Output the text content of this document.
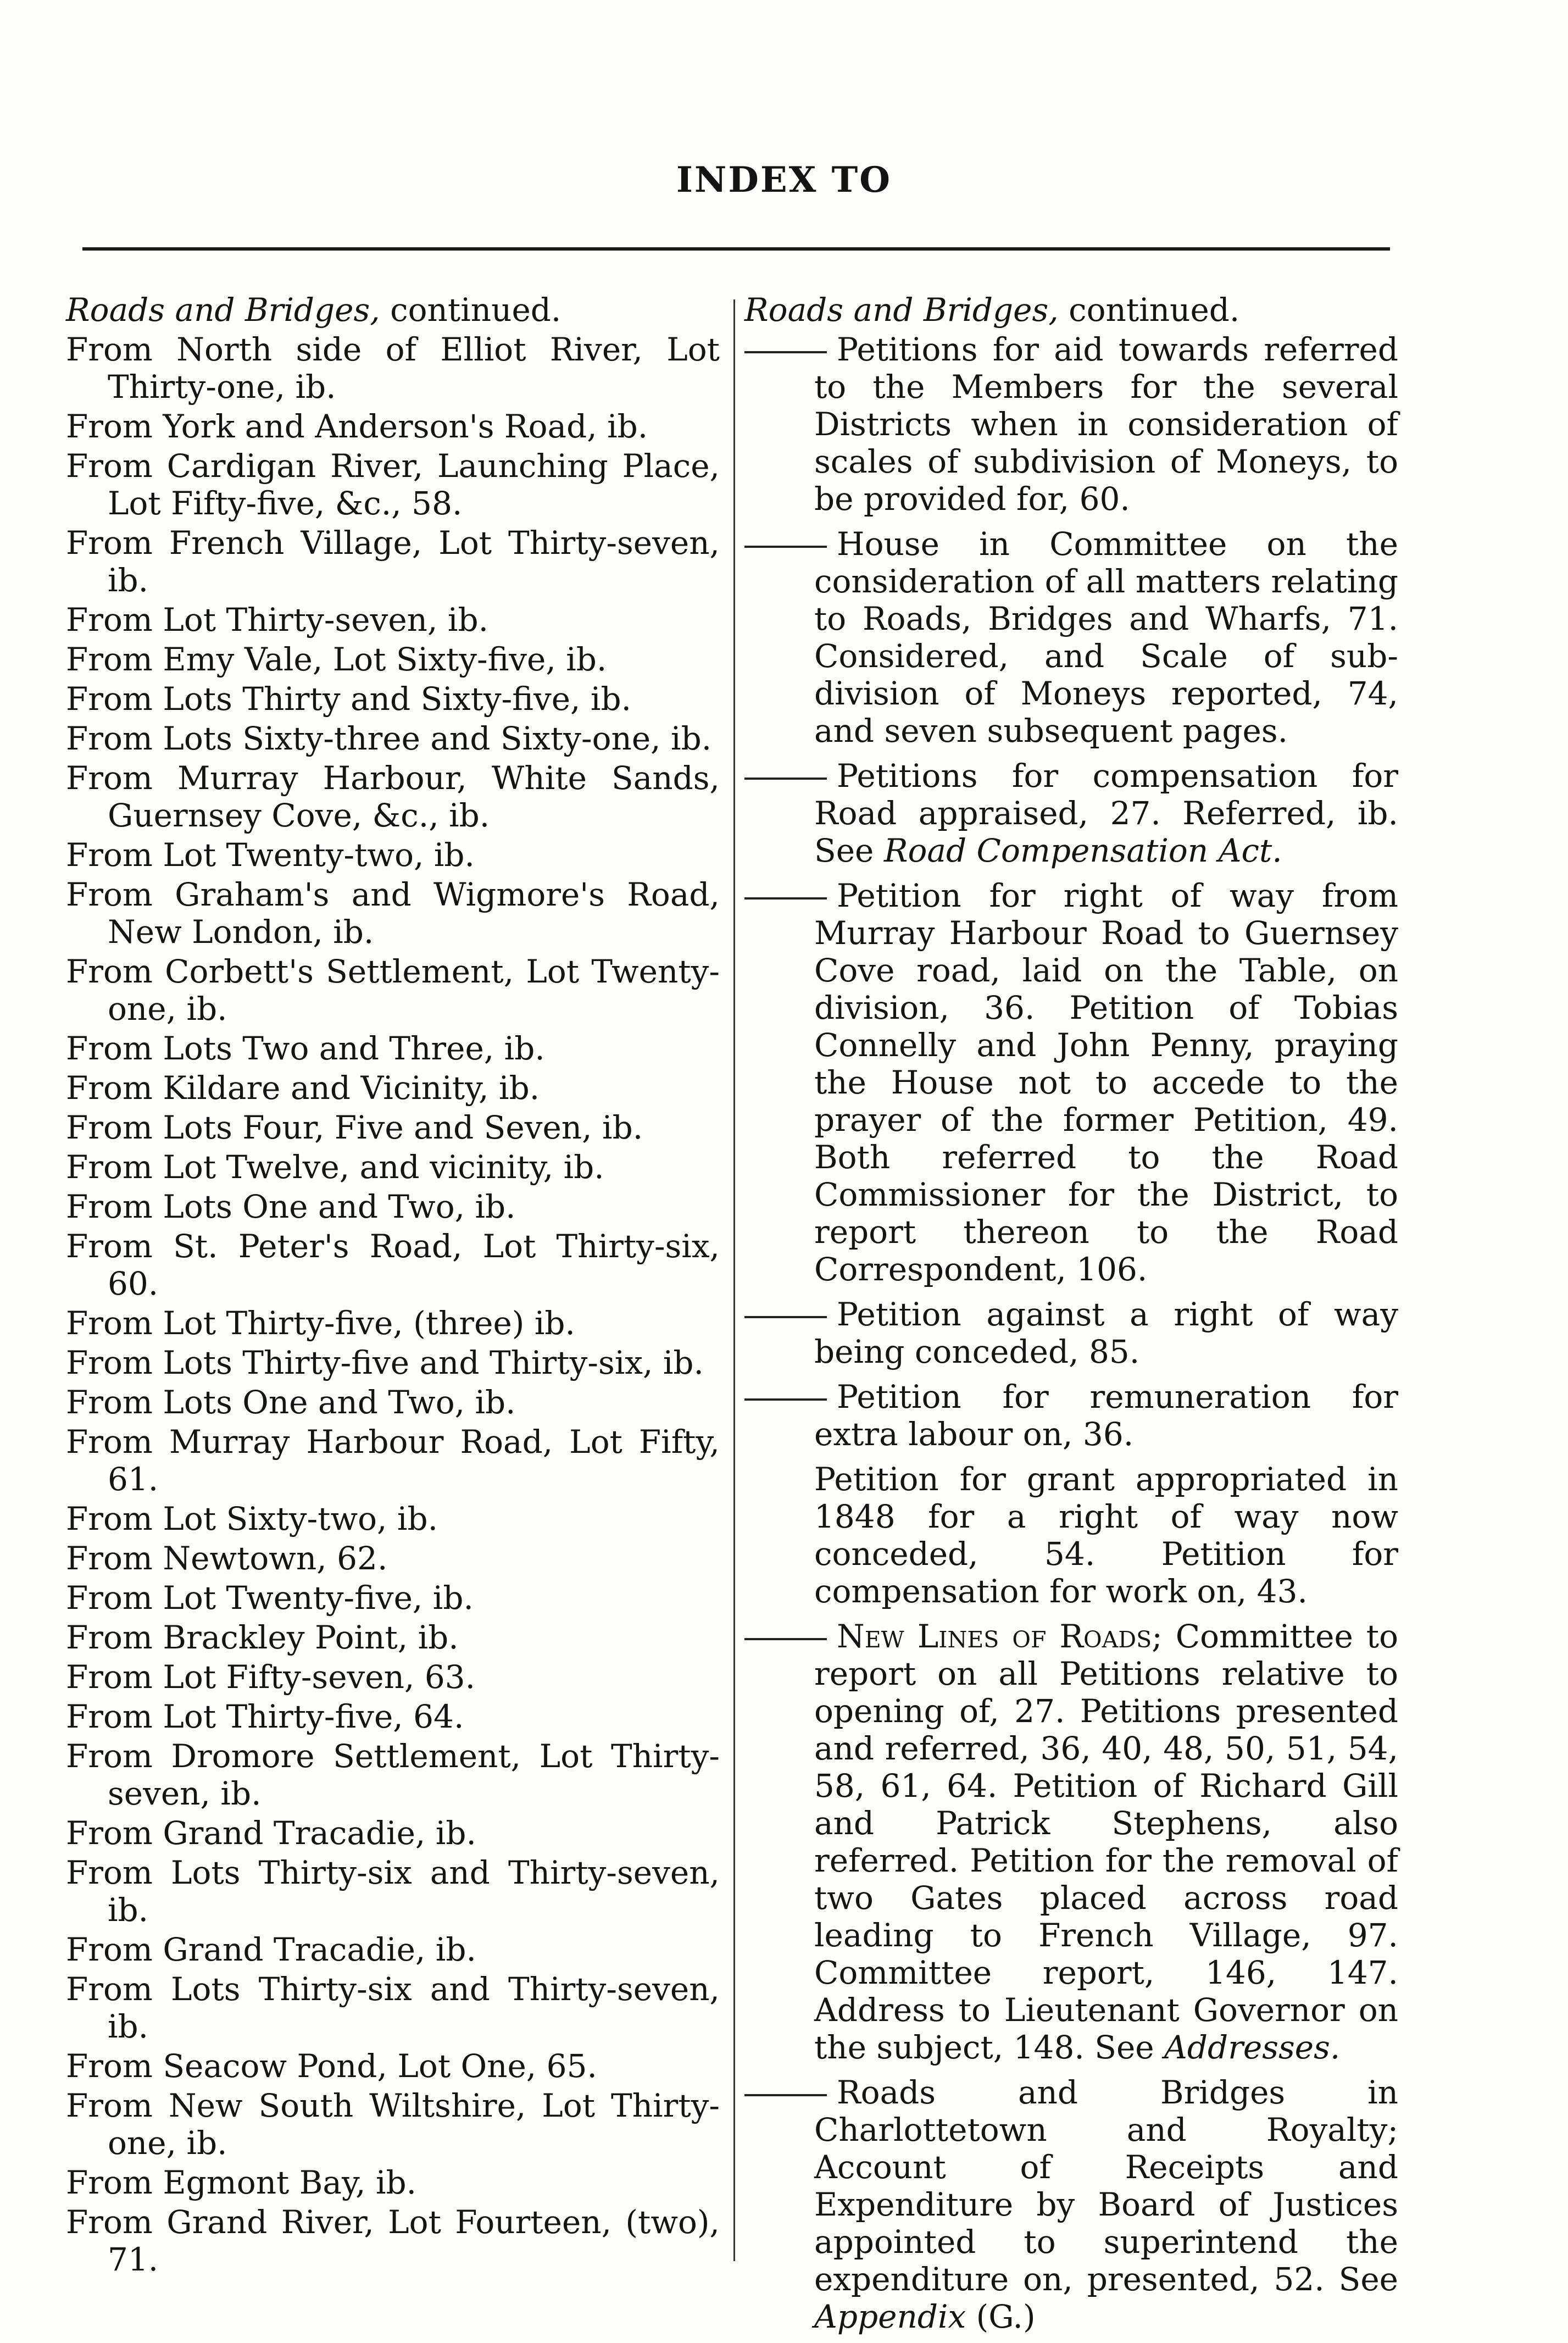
INDEX TO

Roads and Bridges, continued.

From North side of Elliot River, Lot Thirty-one, ib.

From York and Anderson's Road, ib.

From Cardigan River, Launching Place, Lot Fifty-five, &c., 58.

From French Village, Lot Thirty-seven, ib.

From Lot Thirty-seven, ib.

From Emy Vale, Lot Sixty-five, ib.

From Lots Thirty and Sixty-five, ib.

From Lots Sixty-three and Sixty-one, ib.

From Murray Harbour, White Sands, Guernsey Cove, &c., ib.

From Lot Twenty-two, ib.

From Graham's and Wigmore's Road, New London, ib.

From Corbett's Settlement, Lot Twenty-one, ib.

From Lots Two and Three, ib.

From Kildare and Vicinity, ib.

From Lots Four, Five and Seven, ib.

From Lot Twelve, and vicinity, ib.

From Lots One and Two, ib.

From St. Peter's Road, Lot Thirty-six, 60.

From Lot Thirty-five, (three) ib.

From Lots Thirty-five and Thirty-six, ib.

From Lots One and Two, ib.

From Murray Harbour Road, Lot Fifty, 61.

From Lot Sixty-two, ib.

From Newtown, 62.

From Lot Twenty-five, ib.

From Brackley Point, ib.

From Lot Fifty-seven, 63.

From Lot Thirty-five, 64.

From Dromore Settlement, Lot Thirty-seven, ib.

From Grand Tracadie, ib.

From Lots Thirty-six and Thirty-seven, ib.

From Grand Tracadie, ib.

From Lots Thirty-six and Thirty-seven, ib.

From Seacow Pond, Lot One, 65.

From New South Wiltshire, Lot Thirty-one, ib.

From Egmont Bay, ib.

From Grand River, Lot Fourteen, (two), 71.

Roads and Bridges, continued.

Petitions for aid towards referred to the Members for the several Districts when in consideration of scales of subdivision of Moneys, to be provided for, 60.

House in Committee on the consideration of all matters relating to Roads, Bridges and Wharfs, 71. Considered, and Scale of sub-division of Moneys reported, 74, and seven subsequent pages.

Petitions for compensation for Road appraised, 27. Referred, ib. See Road Compensation Act.

Petition for right of way from Murray Harbour Road to Guernsey Cove road, laid on the Table, on division, 36. Petition of Tobias Connelly and John Penny, praying the House not to accede to the prayer of the former Petition, 49. Both referred to the Road Commissioner for the District, to report thereon to the Road Correspondent, 106.

Petition against a right of way being conceded, 85.

Petition for remuneration for extra labour on, 36.

Petition for grant appropriated in 1848 for a right of way now conceded, 54. Petition for compensation for work on, 43.

New Lines of Roads; Committee to report on all Petitions relative to opening of, 27. Petitions presented and referred, 36, 40, 48, 50, 51, 54, 58, 61, 64. Petition of Richard Gill and Patrick Stephens, also referred. Petition for the removal of two Gates placed across road leading to French Village, 97. Committee report, 146, 147. Address to Lieutenant Governor on the subject, 148. See Addresses.

Roads and Bridges in Charlottetown and Royalty; Account of Receipts and Expenditure by Board of Justices appointed to superintend the expenditure on, presented, 52. See Appendix (G.)
